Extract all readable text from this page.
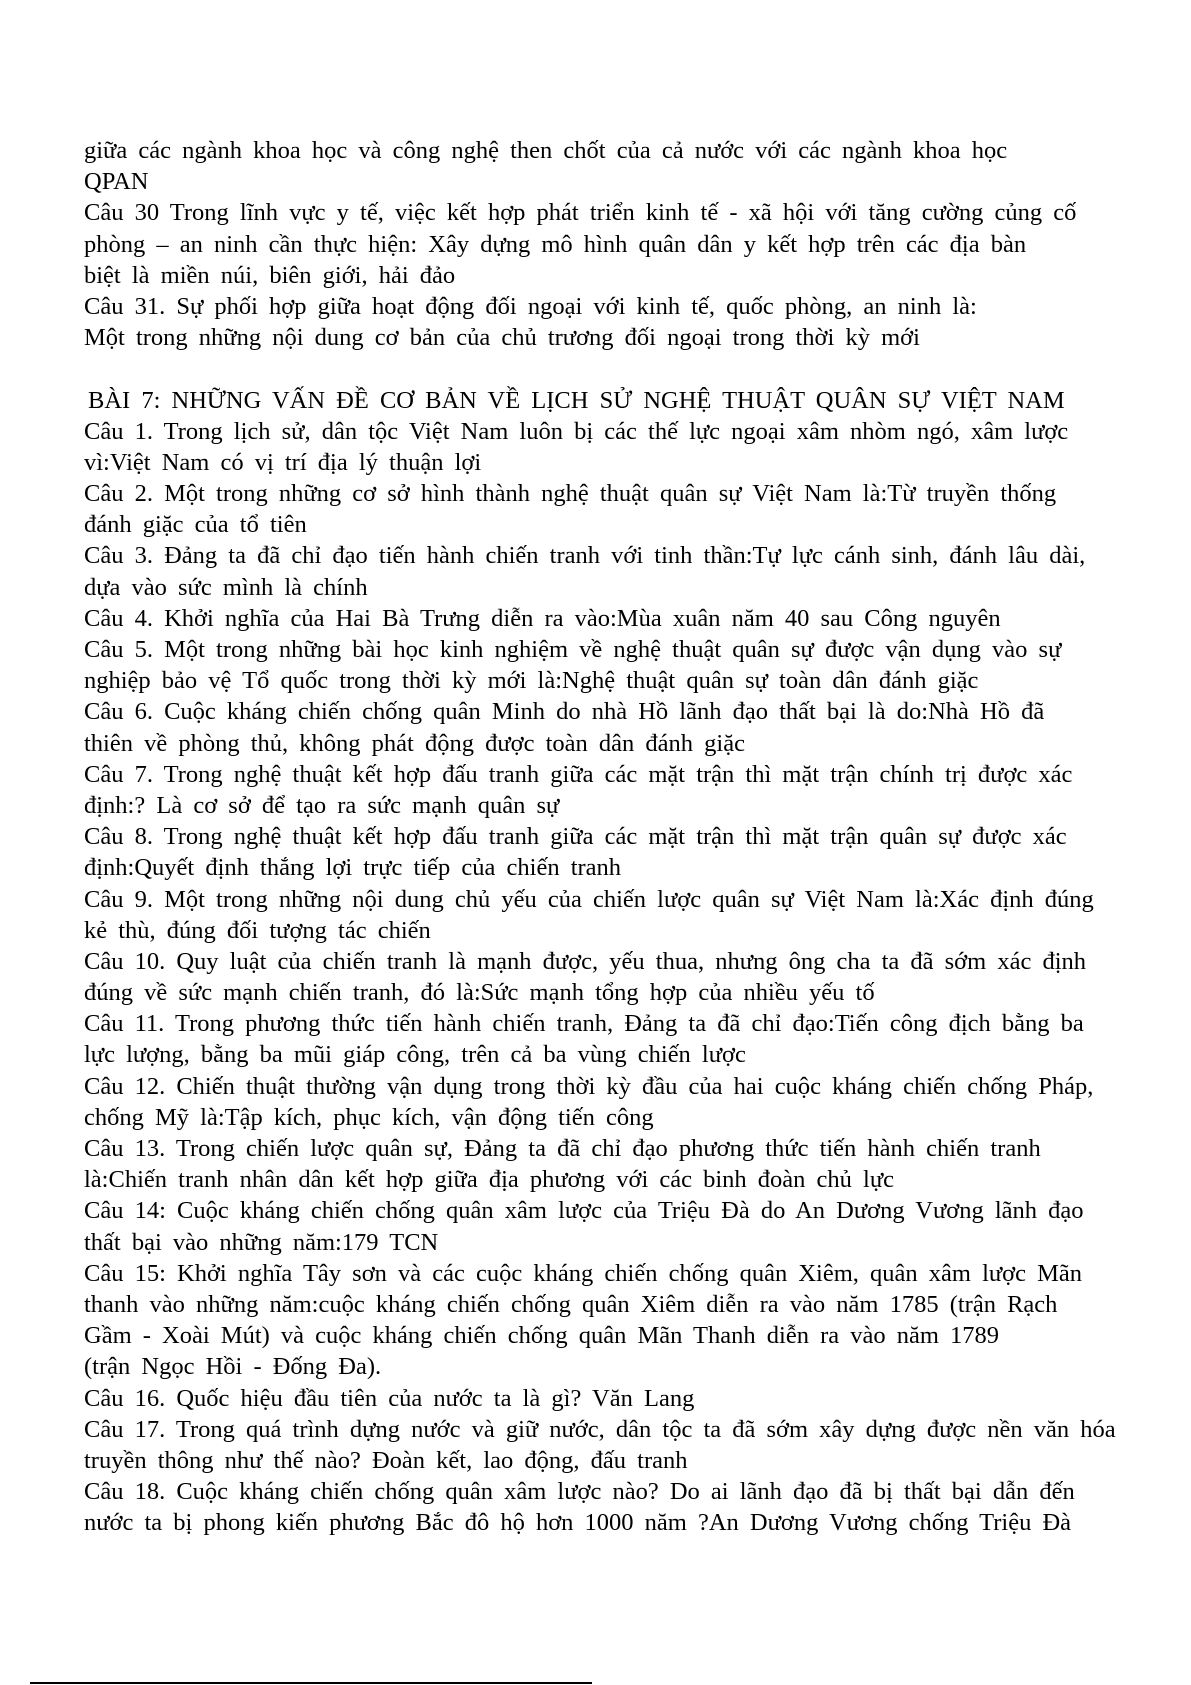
giữa các ngành khoa học và công nghệ then chốt của cả nước với các ngành khoa học
QPAN
Câu 30 Trong lĩnh vực y tế, việc kết hợp phát triển kinh tế - xã hội với tăng cường củng cố
phòng – an ninh cần thực hiện: Xây dựng mô hình quân dân y kết hợp trên các địa bàn
biệt là miền núi, biên giới, hải đảo
Câu 31. Sự phối hợp giữa hoạt động đối ngoại với kinh tế, quốc phòng, an ninh là:
Một trong những nội dung cơ bản của chủ trương đối ngoại trong thời kỳ mới
BÀI 7: NHỮNG VẤN ĐỀ CƠ BẢN VỀ LỊCH SỬ NGHỆ THUẬT QUÂN SỰ VIỆT NAM
Câu 1. Trong lịch sử, dân tộc Việt Nam luôn bị các thế lực ngoại xâm nhòm ngó, xâm lược
vì:Việt Nam có vị trí địa lý thuận lợi
Câu 2. Một trong những cơ sở hình thành nghệ thuật quân sự Việt Nam là:Từ truyền thống
đánh giặc của tổ tiên
Câu 3. Đảng ta đã chỉ đạo tiến hành chiến tranh với tinh thần:Tự lực cánh sinh, đánh lâu dài,
dựa vào sức mình là chính
Câu 4. Khởi nghĩa của Hai Bà Trưng diễn ra vào:Mùa xuân năm 40 sau Công nguyên
Câu 5. Một trong những bài học kinh nghiệm về nghệ thuật quân sự được vận dụng vào sự
nghiệp bảo vệ Tổ quốc trong thời kỳ mới là:Nghệ thuật quân sự toàn dân đánh giặc
Câu 6. Cuộc kháng chiến chống quân Minh do nhà Hồ lãnh đạo thất bại là do:Nhà Hồ đã
thiên về phòng thủ, không phát động được toàn dân đánh giặc
Câu 7. Trong nghệ thuật kết hợp đấu tranh giữa các mặt trận thì mặt trận chính trị được xác
định:? Là cơ sở để tạo ra sức mạnh quân sự
Câu 8. Trong nghệ thuật kết hợp đấu tranh giữa các mặt trận thì mặt trận quân sự được xác
định:Quyết định thắng lợi trực tiếp của chiến tranh
Câu 9. Một trong những nội dung chủ yếu của chiến lược quân sự Việt Nam là:Xác định đúng
kẻ thù, đúng đối tượng tác chiến
Câu 10. Quy luật của chiến tranh là mạnh được, yếu thua, nhưng ông cha ta đã sớm xác định
đúng về sức mạnh chiến tranh, đó là:Sức mạnh tổng hợp của nhiều yếu tố
Câu 11. Trong phương thức tiến hành chiến tranh, Đảng ta đã chỉ đạo:Tiến công địch bằng ba
lực lượng, bằng ba mũi giáp công, trên cả ba vùng chiến lược
Câu 12. Chiến thuật thường vận dụng trong thời kỳ đầu của hai cuộc kháng chiến chống Pháp,
chống Mỹ là:Tập kích, phục kích, vận động tiến công
Câu 13. Trong chiến lược quân sự, Đảng ta đã chỉ đạo phương thức tiến hành chiến tranh
là:Chiến tranh nhân dân kết hợp giữa địa phương với các binh đoàn chủ lực
Câu 14: Cuộc kháng chiến chống quân xâm lược của Triệu Đà do An Dương Vương lãnh đạo
thất bại vào những năm:179 TCN
Câu 15: Khởi nghĩa Tây sơn và các cuộc kháng chiến chống quân Xiêm, quân xâm lược Mãn
thanh vào những năm:cuộc kháng chiến chống quân Xiêm diễn ra vào năm 1785 (trận Rạch
Gầm - Xoài Mút) và cuộc kháng chiến chống quân Mãn Thanh diễn ra vào năm 1789
(trận Ngọc Hồi - Đống Đa).
Câu 16. Quốc hiệu đầu tiên của nước ta là gì? Văn Lang
Câu 17. Trong quá trình dựng nước và giữ nước, dân tộc ta đã sớm xây dựng được nền văn hóa
truyền thông như thế nào? Đoàn kết, lao động, đấu tranh
Câu 18. Cuộc kháng chiến chống quân xâm lược nào? Do ai lãnh đạo đã bị thất bại dẫn đến
nước ta bị phong kiến phương Bắc đô hộ hơn 1000 năm ?An Dương Vương chống Triệu Đà
